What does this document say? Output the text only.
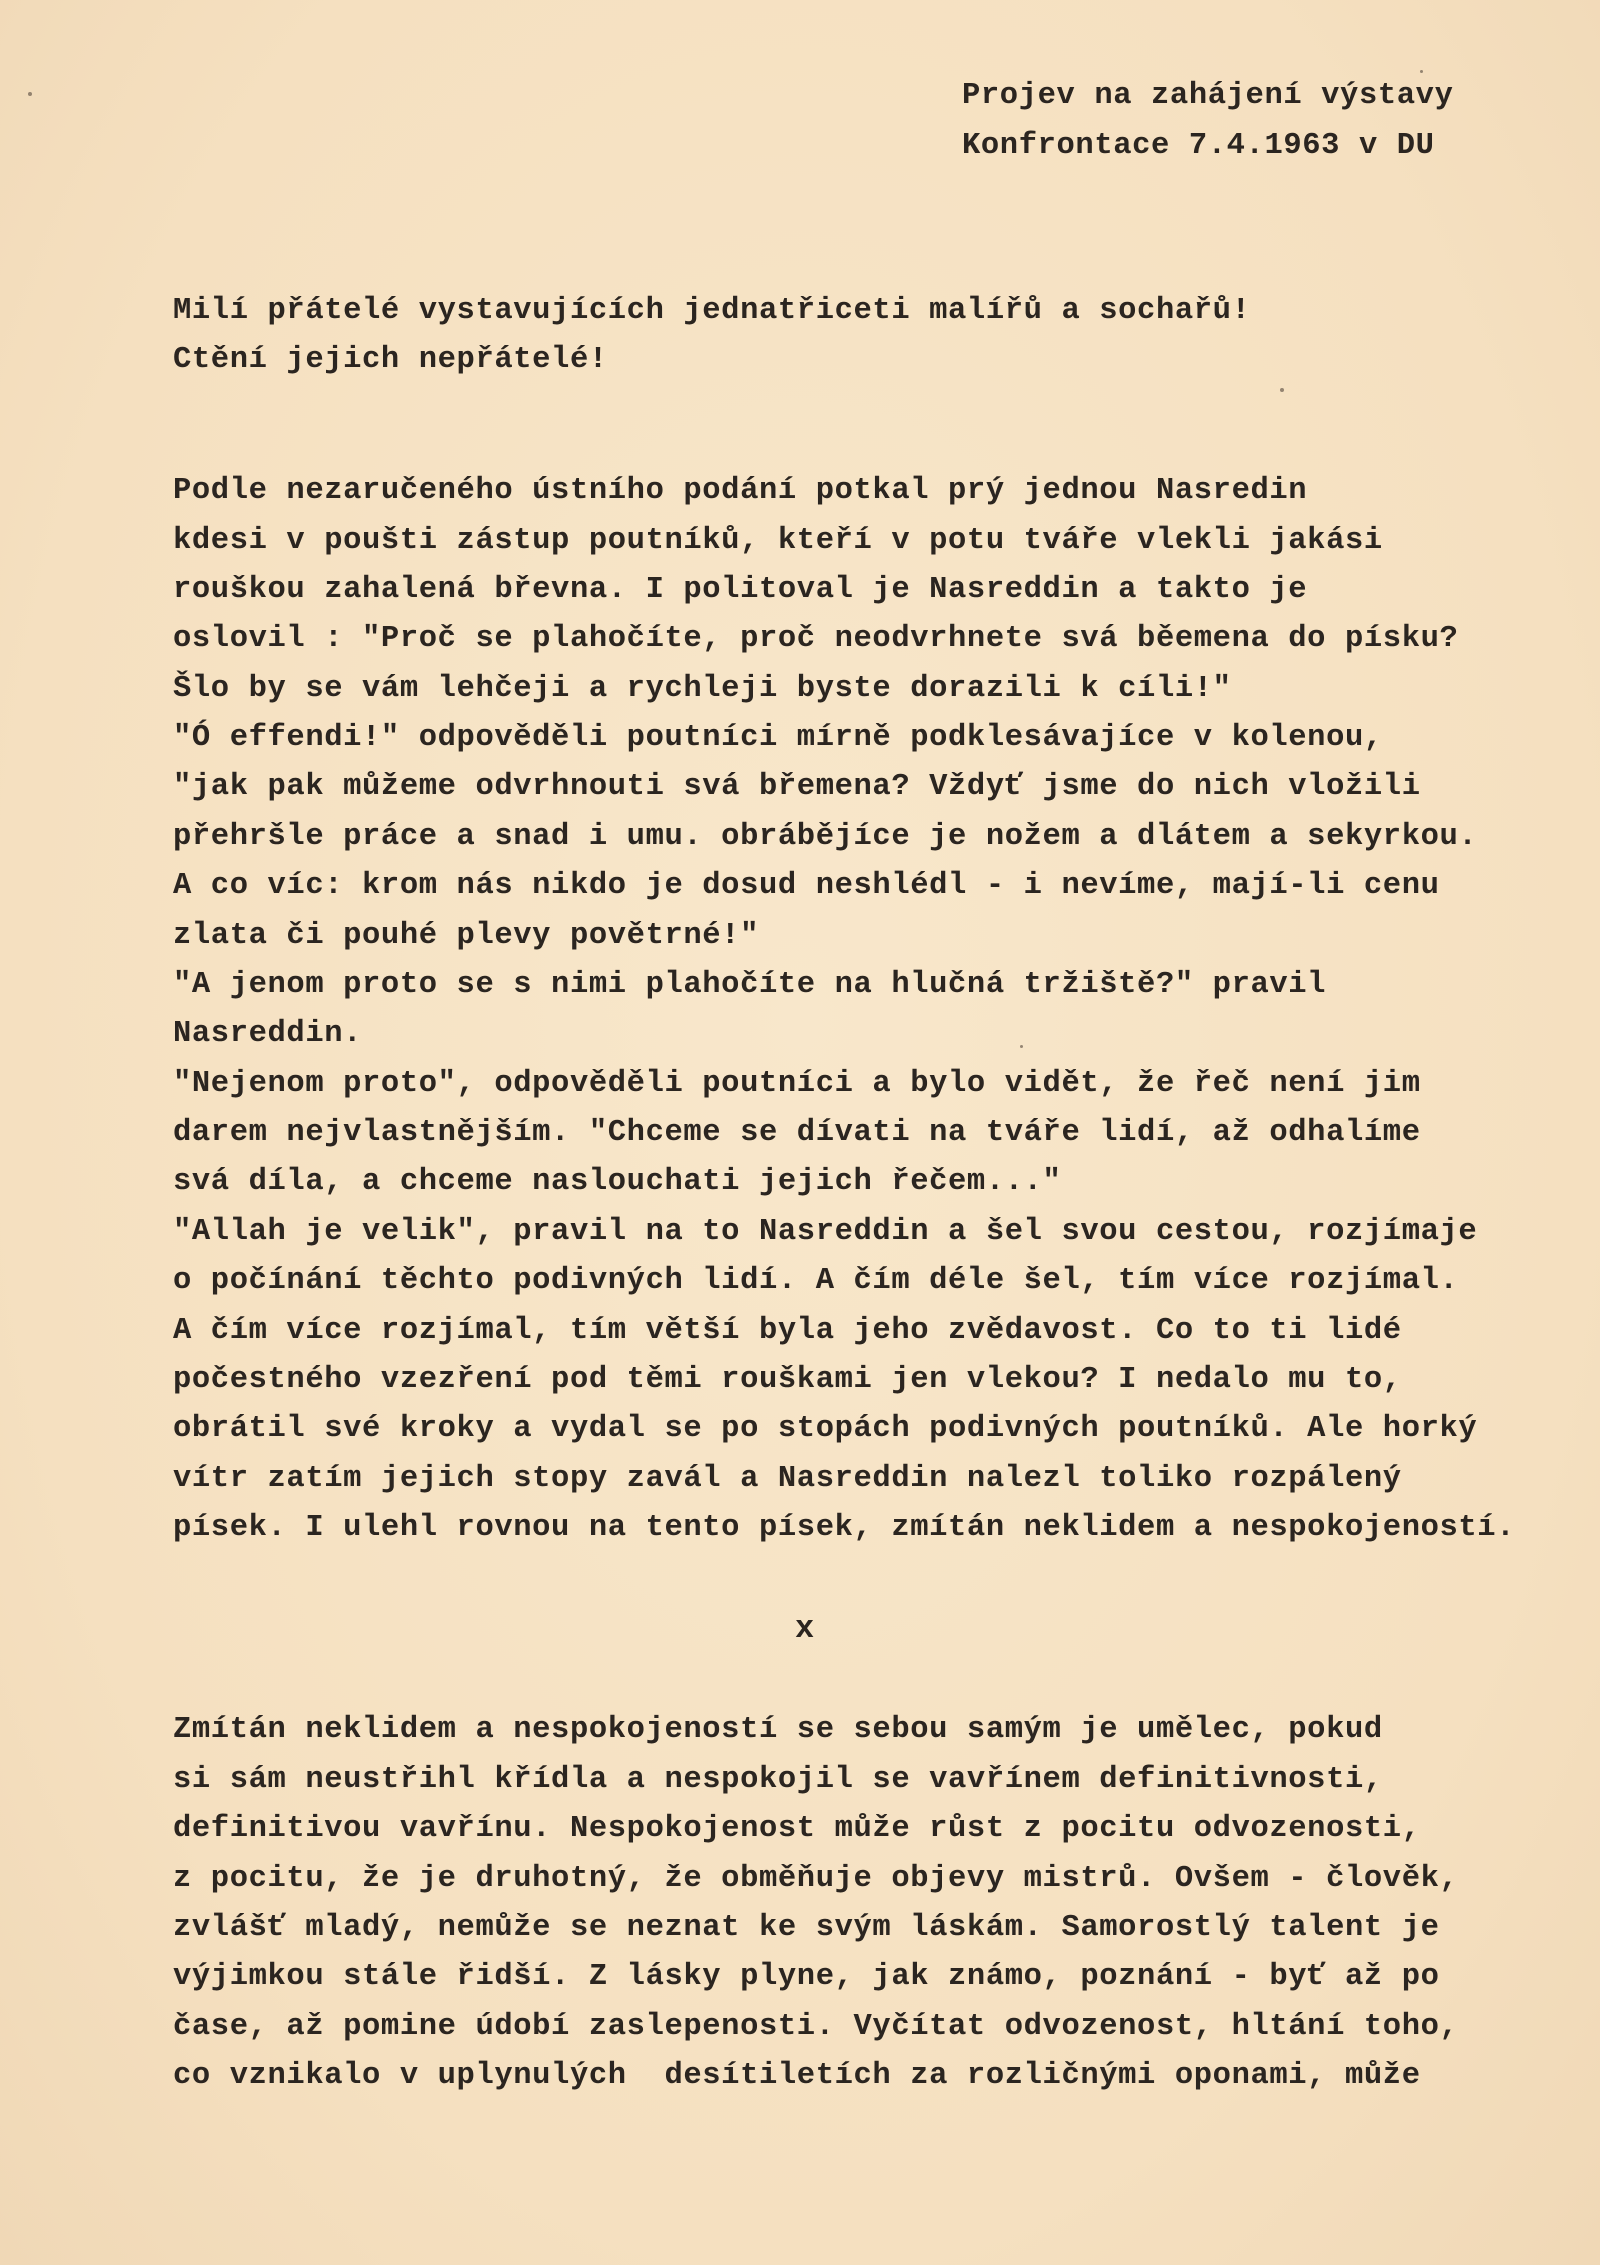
Projev na zahájení výstavy
Konfrontace 7.4.1963 v DU
Milí přátelé vystavujících jednatřiceti malířů a sochařů!
Ctění jejich nepřátelé!
Podle nezaručeného ústního podání potkal prý jednou Nasredin
kdesi v poušti zástup poutníků, kteří v potu tváře vlekli jakási
rouškou zahalená břevna. I politoval je Nasreddin a takto je
oslovil : "Proč se plahočíte, proč neodvrhnete svá běemena do písku?
Šlo by se vám lehčeji a rychleji byste dorazili k cíli!"
"Ó effendi!" odpověděli poutníci mírně podklesávajíce v kolenou,
"jak pak můžeme odvrhnouti svá břemena? Vždyť jsme do nich vložili
přehršle práce a snad i umu. obrábějíce je nožem a dlátem a sekyrkou.
A co víc: krom nás nikdo je dosud neshlédl - i nevíme, mají-li cenu
zlata či pouhé plevy povětrné!"
"A jenom proto se s nimi plahočíte na hlučná tržiště?" pravil
Nasreddin.
"Nejenom proto", odpověděli poutníci a bylo vidět, že řeč není jim
darem nejvlastnějším. "Chceme se dívati na tváře lidí, až odhalíme
svá díla, a chceme naslouchati jejich řečem..."
"Allah je velik", pravil na to Nasreddin a šel svou cestou, rozjímaje
o počínání těchto podivných lidí. A čím déle šel, tím více rozjímal.
A čím více rozjímal, tím větší byla jeho zvědavost. Co to ti lidé
počestného vzezření pod těmi rouškami jen vlekou? I nedalo mu to,
obrátil své kroky a vydal se po stopách podivných poutníků. Ale horký
vítr zatím jejich stopy zavál a Nasreddin nalezl toliko rozpálený
písek. I ulehl rovnou na tento písek, zmítán neklidem a nespokojeností.
x
Zmítán neklidem a nespokojeností se sebou samým je umělec, pokud
si sám neustřihl křídla a nespokojil se vavřínem definitivnosti,
definitivou vavřínu. Nespokojenost může růst z pocitu odvozenosti,
z pocitu, že je druhotný, že obměňuje objevy mistrů. Ovšem - člověk,
zvlášť mladý, nemůže se neznat ke svým láskám. Samorostlý talent je
výjimkou stále řidší. Z lásky plyne, jak známo, poznání - byť až po
čase, až pomine údobí zaslepenosti. Vyčítat odvozenost, hltání toho,
co vznikalo v uplynulých  desítiletích za rozličnými oponami, může
